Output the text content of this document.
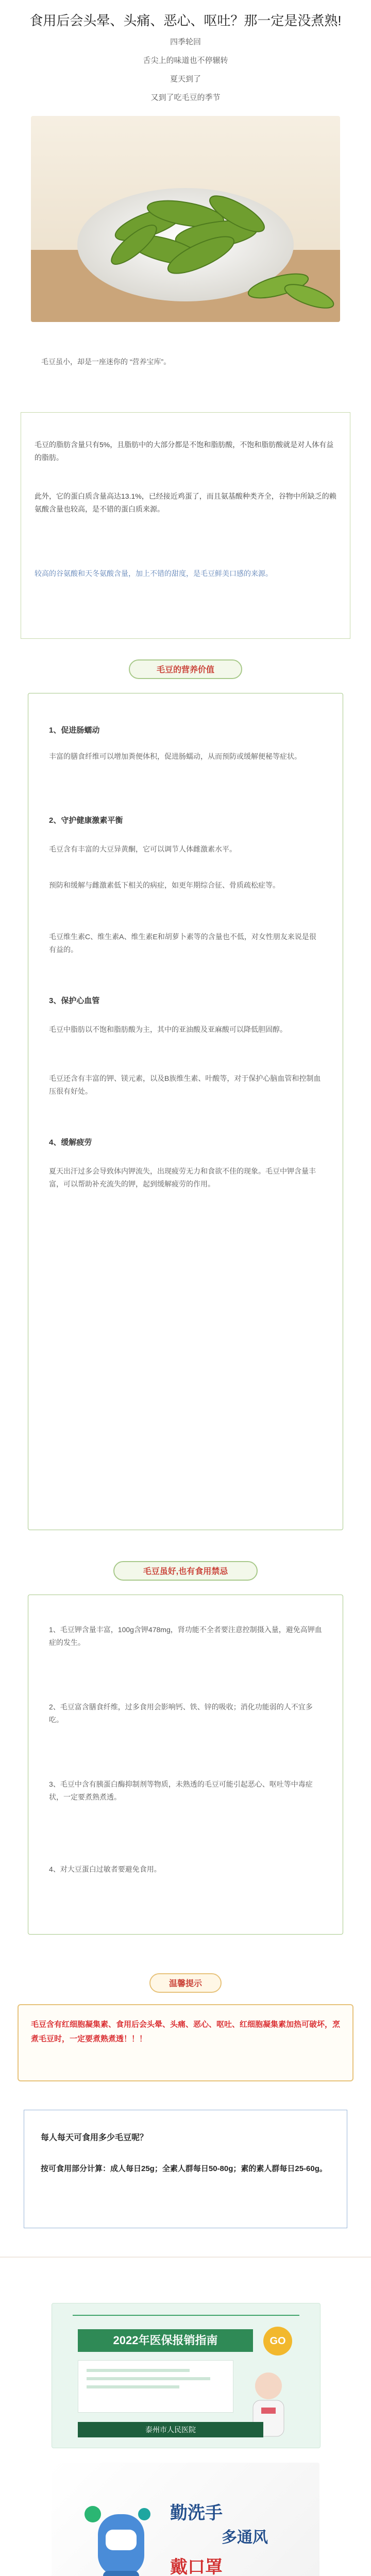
食用后会头晕、头痛、恶心、呕吐？那一定是没煮熟!
四季轮回
舌尖上的味道也不停辗转
夏天到了
又到了吃毛豆的季节
毛豆虽小，却是一座迷你的 “营养宝库”。
毛豆的脂肪含量只有5%，且脂肪中的大部分都是不饱和脂肪酸，不饱和脂肪酸就是对人体有益的脂肪。
此外，它的蛋白质含量高达13.1%，已经接近鸡蛋了，而且氨基酸种类齐全，谷物中所缺乏的赖氨酸含量也较高，是不错的蛋白质来源。
较高的谷氨酸和天冬氨酸含量，加上不错的甜度，是毛豆鲜美口感的来源。
毛豆的营养价值
1、促进肠蠕动
丰富的膳食纤维可以增加粪便体积，促进肠蠕动，从而预防或缓解便秘等症状。
2、守护健康激素平衡
毛豆含有丰富的大豆异黄酮，它可以调节人体雌激素水平。
预防和缓解与雌激素低下相关的病症，如更年期综合征、骨质疏松症等。
毛豆维生素C、维生素A、维生素E和胡萝卜素等的含量也不低，对女性朋友来说是很有益的。
3、保护心血管
毛豆中脂肪以不饱和脂肪酸为主，其中的亚油酸及亚麻酸可以降低胆固醇。
毛豆还含有丰富的钾、镁元素，以及B族维生素、叶酸等，对于保护心脑血管和控制血压很有好处。
4、缓解疲劳
夏天出汗过多会导致体内钾流失，出现疲劳无力和食欲不佳的现象。毛豆中钾含量丰富，可以帮助补充流失的钾，起到缓解疲劳的作用。
毛豆虽好,也有食用禁忌
1、毛豆钾含量丰富，100g含钾478mg，肾功能不全者要注意控制摄入量，避免高钾血症的发生。
2、毛豆富含膳食纤维，过多食用会影响钙、铁、锌的吸收；消化功能弱的人不宜多吃。
3、毛豆中含有胰蛋白酶抑制剂等物质，未熟透的毛豆可能引起恶心、呕吐等中毒症状，一定要煮熟煮透。
4、对大豆蛋白过敏者要避免食用。
温馨提示
毛豆含有红细胞凝集素、食用后会头晕、头痛、恶心、呕吐、红细胞凝集素加热可破坏，烹煮毛豆时，一定要煮熟煮透！！！
每人每天可食用多少毛豆呢？
按可食用部分计算：成人每日25g；全素人群每日50-80g；素的素人群每日25-60g。
2022年医保报销指南	GO
泰州市人民医院
勤洗手
多通风
戴口罩
